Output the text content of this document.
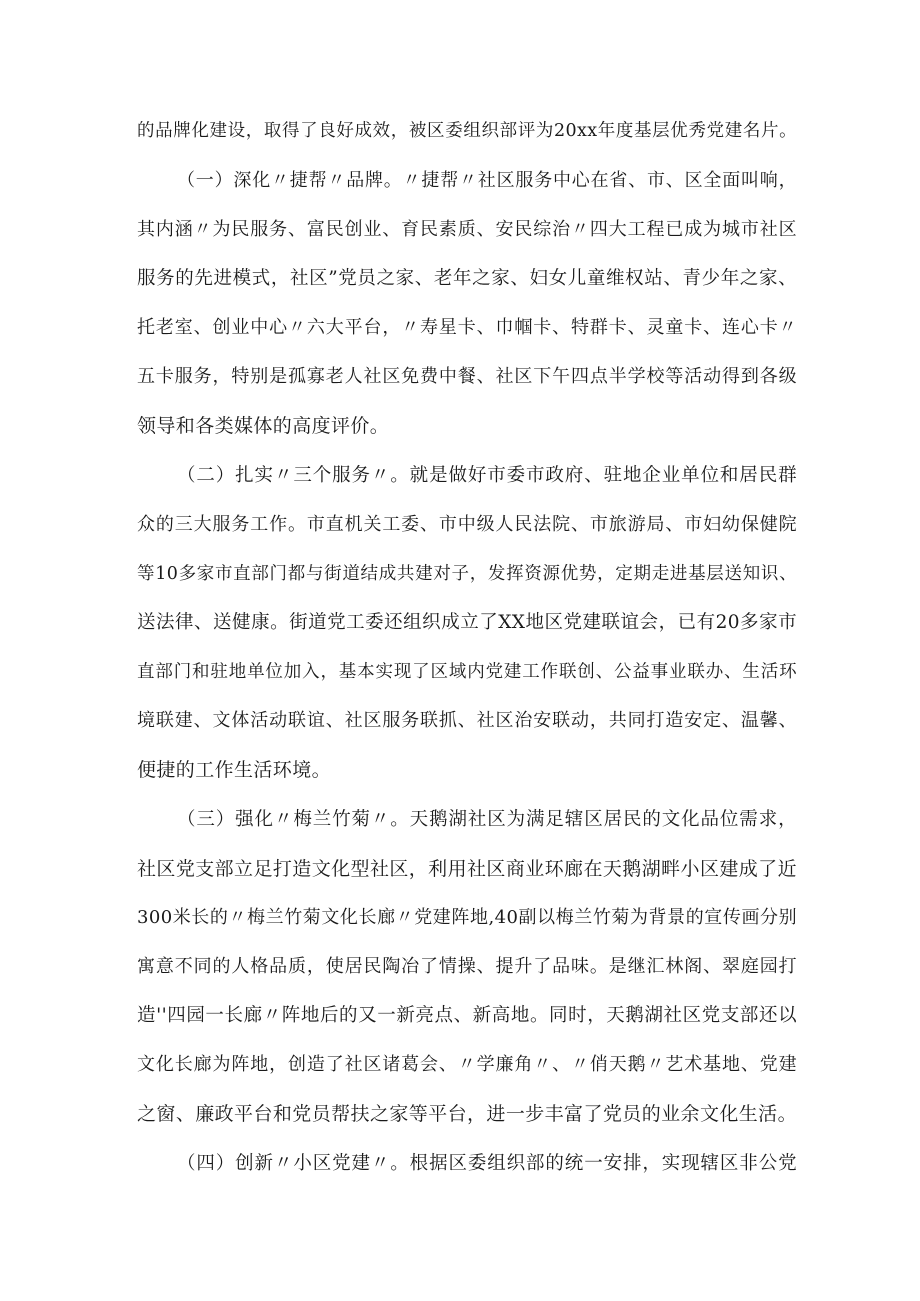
的品牌化建设，取得了良好成效，被区委组织部评为20xx年度基层优秀党建名片。
（一）深化〃捷帮〃品牌。〃捷帮〃社区服务中心在省、市、区全面叫响，
其内涵〃为民服务、富民创业、育民素质、安民综治〃四大工程已成为城市社区
服务的先进模式，社区”党员之家、老年之家、妇女儿童维权站、青少年之家、
托老室、创业中心〃六大平台，〃寿星卡、巾帼卡、特群卡、灵童卡、连心卡〃
五卡服务，特别是孤寡老人社区免费中餐、社区下午四点半学校等活动得到各级
领导和各类媒体的高度评价。
（二）扎实〃三个服务〃。就是做好市委市政府、驻地企业单位和居民群
众的三大服务工作。市直机关工委、市中级人民法院、市旅游局、市妇幼保健院
等10多家市直部门都与街道结成共建对子，发挥资源优势，定期走进基层送知识、
送法律、送健康。街道党工委还组织成立了XX地区党建联谊会，已有20多家市
直部门和驻地单位加入，基本实现了区域内党建工作联创、公益事业联办、生活环
境联建、文体活动联谊、社区服务联抓、社区治安联动，共同打造安定、温馨、
便捷的工作生活环境。
（三）强化〃梅兰竹菊〃。天鹅湖社区为满足辖区居民的文化品位需求，
社区党支部立足打造文化型社区，利用社区商业环廊在天鹅湖畔小区建成了近
300米长的〃梅兰竹菊文化长廊〃党建阵地,40副以梅兰竹菊为背景的宣传画分别
寓意不同的人格品质，使居民陶冶了情操、提升了品味。是继汇林阁、翠庭园打
造''四园一长廊〃阵地后的又一新亮点、新高地。同时，天鹅湖社区党支部还以
文化长廊为阵地，创造了社区诸葛会、〃学廉角〃、〃俏天鹅〃艺术基地、党建
之窗、廉政平台和党员帮扶之家等平台，进一步丰富了党员的业余文化生活。
（四）创新〃小区党建〃。根据区委组织部的统一安排，实现辖区非公党
